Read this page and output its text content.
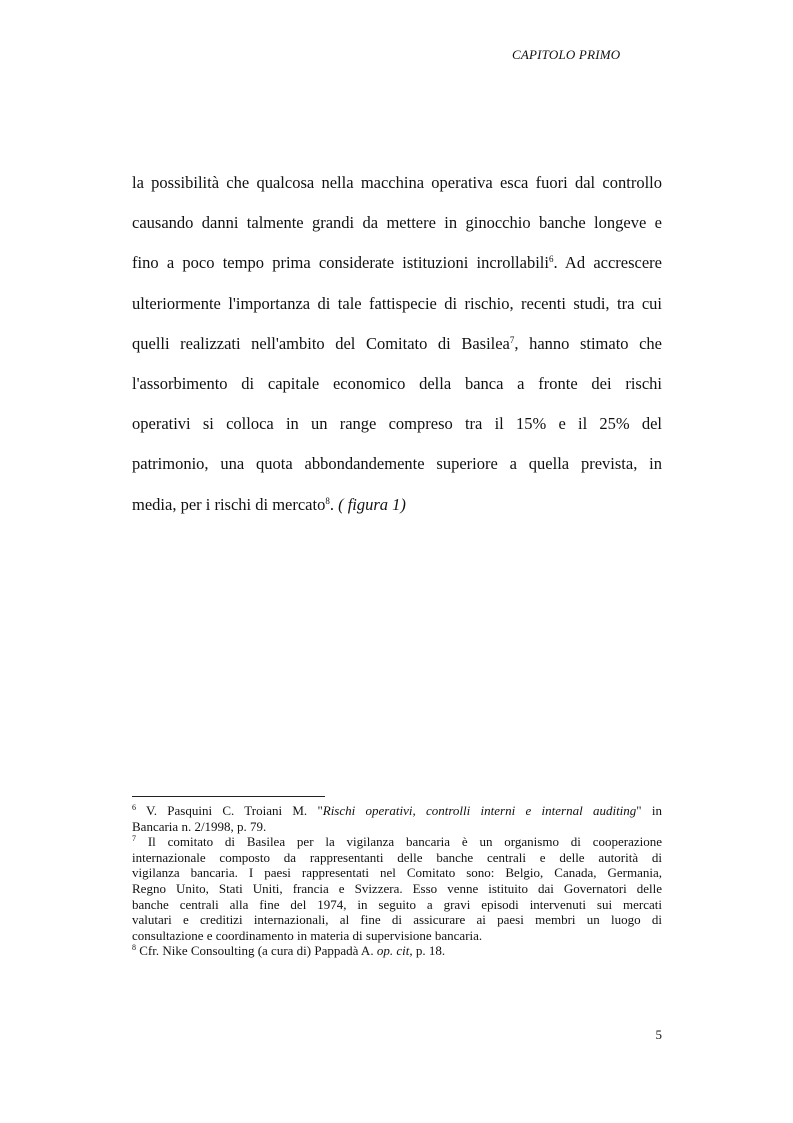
CAPITOLO PRIMO
la possibilità che qualcosa nella macchina operativa esca fuori dal controllo
causando danni talmente grandi da mettere in ginocchio banche longeve e
fino a poco tempo prima considerate istituzioni incrollabili$^6$. Ad accrescere
ulteriormente l'importanza di tale fattispecie di rischio, recenti studi, tra cui
quelli realizzati nell'ambito del Comitato di Basilea$^7$, hanno stimato che
l'assorbimento di capitale economico della banca a fronte dei rischi
operativi si colloca in un range compreso tra il 15% e il 25% del
patrimonio, una quota abbondandemente superiore a quella prevista, in
media, per i rischi di mercato$^8$. ( figura 1)
$^6$ V. Pasquini C. Troiani M. "Rischi operativi, controlli interni e internal auditing" in
Bancaria n. 2/1998, p. 79.
$^7$ Il comitato di Basilea per la vigilanza bancaria è un organismo di cooperazione
internazionale composto da rappresentanti delle banche centrali e delle autorità di
vigilanza bancaria. I paesi rappresentati nel Comitato sono: Belgio, Canada, Germania,
Regno Unito, Stati Uniti, francia e Svizzera. Esso venne istituito dai Governatori delle
banche centrali alla fine del 1974, in seguito a gravi episodi intervenuti sui mercati
valutari e creditizi internazionali, al fine di assicurare ai paesi membri un luogo di
consultazione e coordinamento in materia di supervisione bancaria.
$^8$ Cfr. Nike Consoulting (a cura di) Pappadà A. op. cit, p. 18.
5
